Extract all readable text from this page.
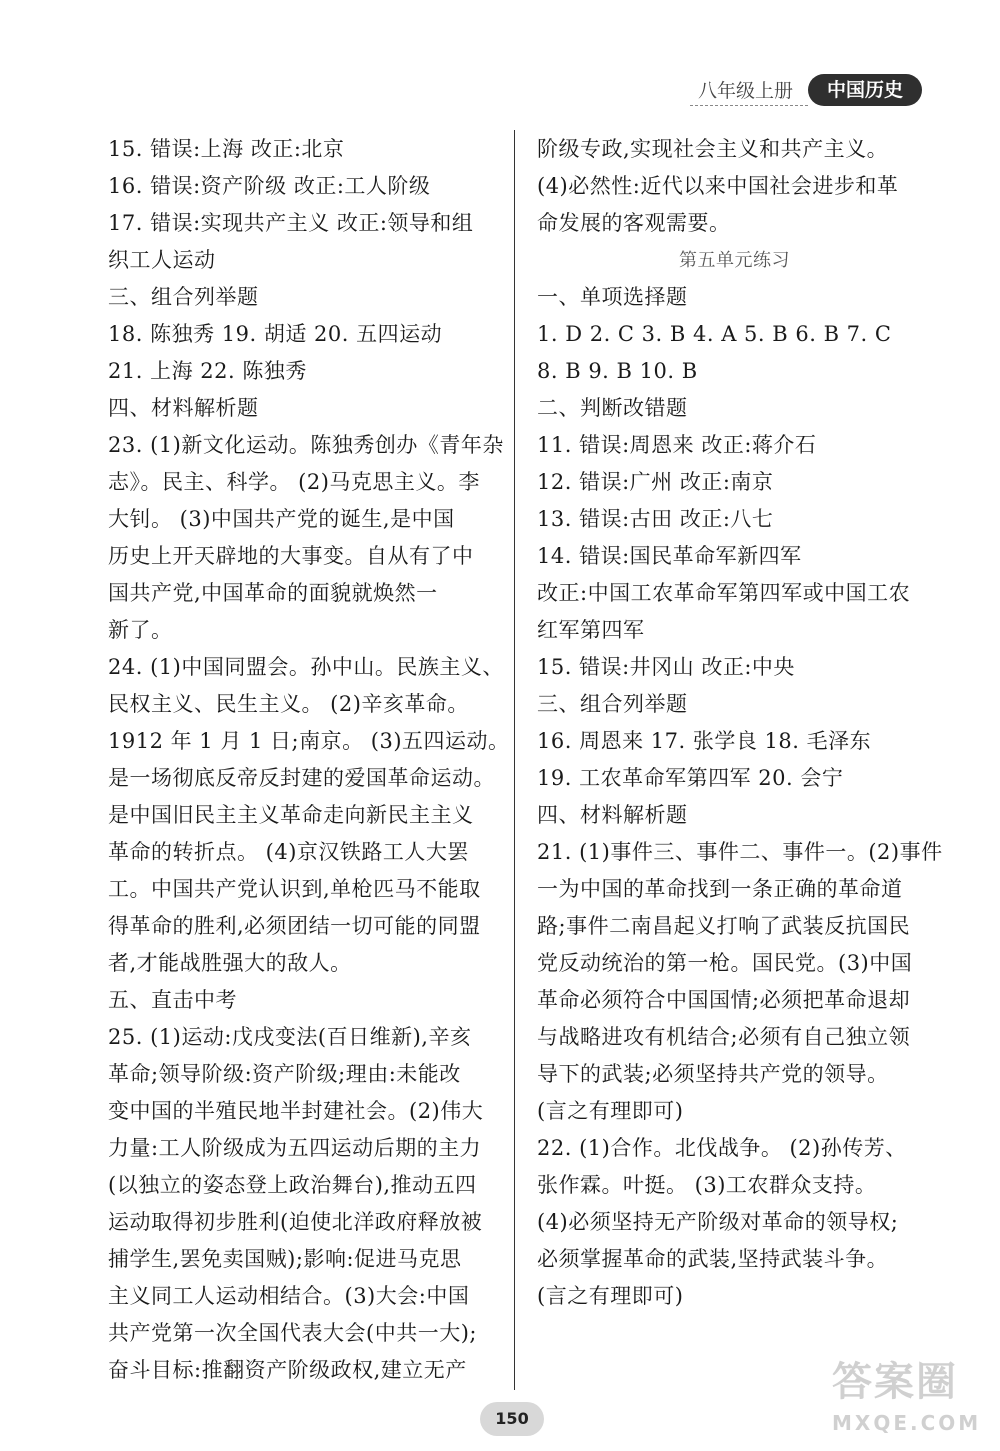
八年级上册	中国历史
15. 错误:上海 改正:北京
16. 错误:资产阶级 改正:工人阶级
17. 错误:实现共产主义 改正:领导和组
织工人运动
三、组合列举题
18. 陈独秀 19. 胡适 20. 五四运动
21. 上海 22. 陈独秀
四、材料解析题
23. (1)新文化运动。陈独秀创办《青年杂
志》。民主、科学。 (2)马克思主义。李
大钊。 (3)中国共产党的诞生,是中国
历史上开天辟地的大事变。自从有了中
国共产党,中国革命的面貌就焕然一
新了。
24. (1)中国同盟会。孙中山。民族主义、
民权主义、民生主义。 (2)辛亥革命。
1912 年 1 月 1 日;南京。 (3)五四运动。
是一场彻底反帝反封建的爱国革命运动。
是中国旧民主主义革命走向新民主主义
革命的转折点。 (4)京汉铁路工人大罢
工。中国共产党认识到,单枪匹马不能取
得革命的胜利,必须团结一切可能的同盟
者,才能战胜强大的敌人。
五、直击中考
25. (1)运动:戊戌变法(百日维新),辛亥
革命;领导阶级:资产阶级;理由:未能改
变中国的半殖民地半封建社会。(2)伟大
力量:工人阶级成为五四运动后期的主力
(以独立的姿态登上政治舞台),推动五四
运动取得初步胜利(迫使北洋政府释放被
捕学生,罢免卖国贼);影响:促进马克思
主义同工人运动相结合。(3)大会:中国
共产党第一次全国代表大会(中共一大);
奋斗目标:推翻资产阶级政权,建立无产
阶级专政,实现社会主义和共产主义。
(4)必然性:近代以来中国社会进步和革
命发展的客观需要。
第五单元练习
一、单项选择题
1. D 2. C 3. B 4. A 5. B 6. B 7. C
8. B 9. B 10. B
二、判断改错题
11. 错误:周恩来 改正:蒋介石
12. 错误:广州 改正:南京
13. 错误:古田 改正:八七
14. 错误:国民革命军新四军
改正:中国工农革命军第四军或中国工农
红军第四军
15. 错误:井冈山 改正:中央
三、组合列举题
16. 周恩来 17. 张学良 18. 毛泽东
19. 工农革命军第四军 20. 会宁
四、材料解析题
21. (1)事件三、事件二、事件一。(2)事件
一为中国的革命找到一条正确的革命道
路;事件二南昌起义打响了武装反抗国民
党反动统治的第一枪。国民党。(3)中国
革命必须符合中国国情;必须把革命退却
与战略进攻有机结合;必须有自己独立领
导下的武装;必须坚持共产党的领导。
(言之有理即可)
22. (1)合作。北伐战争。 (2)孙传芳、
张作霖。叶挺。 (3)工农群众支持。
(4)必须坚持无产阶级对革命的领导权;
必须掌握革命的武装,坚持武装斗争。
(言之有理即可)
150
答案圈
MXQE.COM
